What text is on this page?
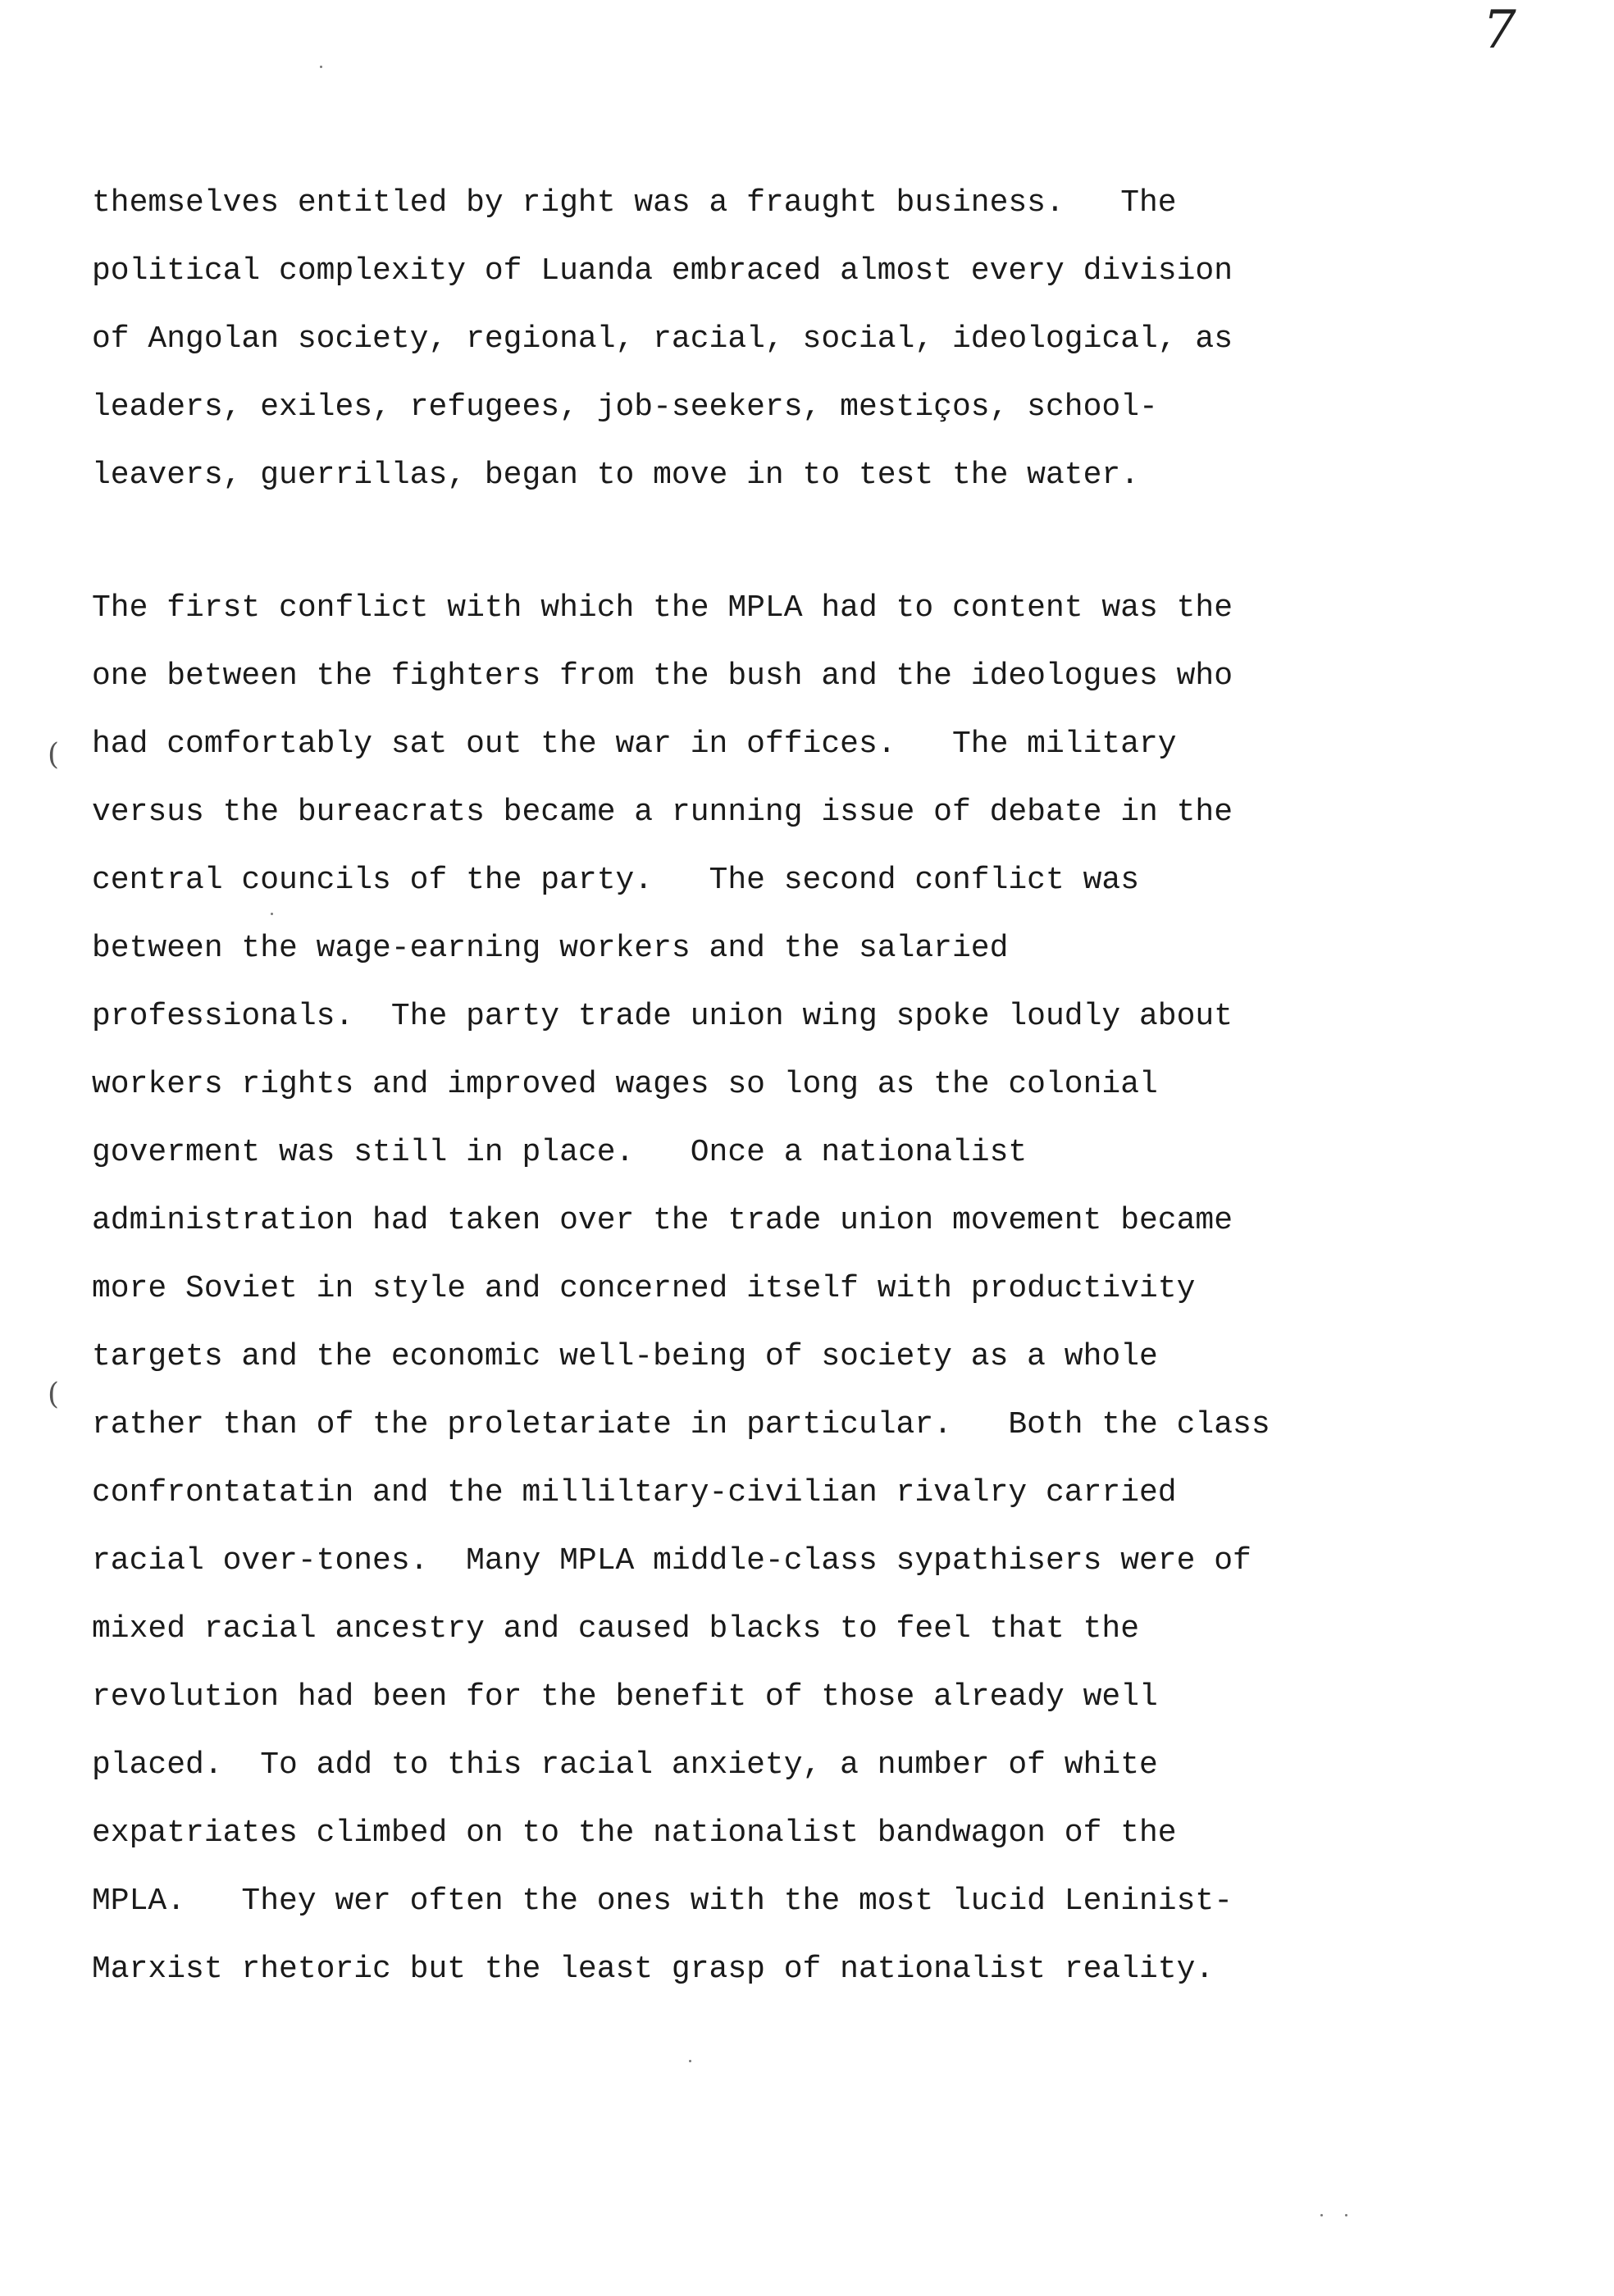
7
themselves entitled by right was a fraught business.   The
political complexity of Luanda embraced almost every division
of Angolan society, regional, racial, social, ideological, as
leaders, exiles, refugees, job-seekers, mestiços, school-
leavers, guerrillas, began to move in to test the water.
The first conflict with which the MPLA had to content was the
one between the fighters from the bush and the ideologues who
had comfortably sat out the war in offices.   The military
versus the bureacrats became a running issue of debate in the
central councils of the party.   The second conflict was
between the wage-earning workers and the salaried
professionals.  The party trade union wing spoke loudly about
workers rights and improved wages so long as the colonial
goverment was still in place.   Once a nationalist
administration had taken over the trade union movement became
more Soviet in style and concerned itself with productivity
targets and the economic well-being of society as a whole
rather than of the proletariate in particular.   Both the class
confrontatatin and the milliltary-civilian rivalry carried
racial over-tones.  Many MPLA middle-class sypathisers were of
mixed racial ancestry and caused blacks to feel that the
revolution had been for the benefit of those already well
placed.  To add to this racial anxiety, a number of white
expatriates climbed on to the nationalist bandwagon of the
MPLA.   They wer often the ones with the most lucid Leninist-
Marxist rhetoric but the least grasp of nationalist reality.
(
(
